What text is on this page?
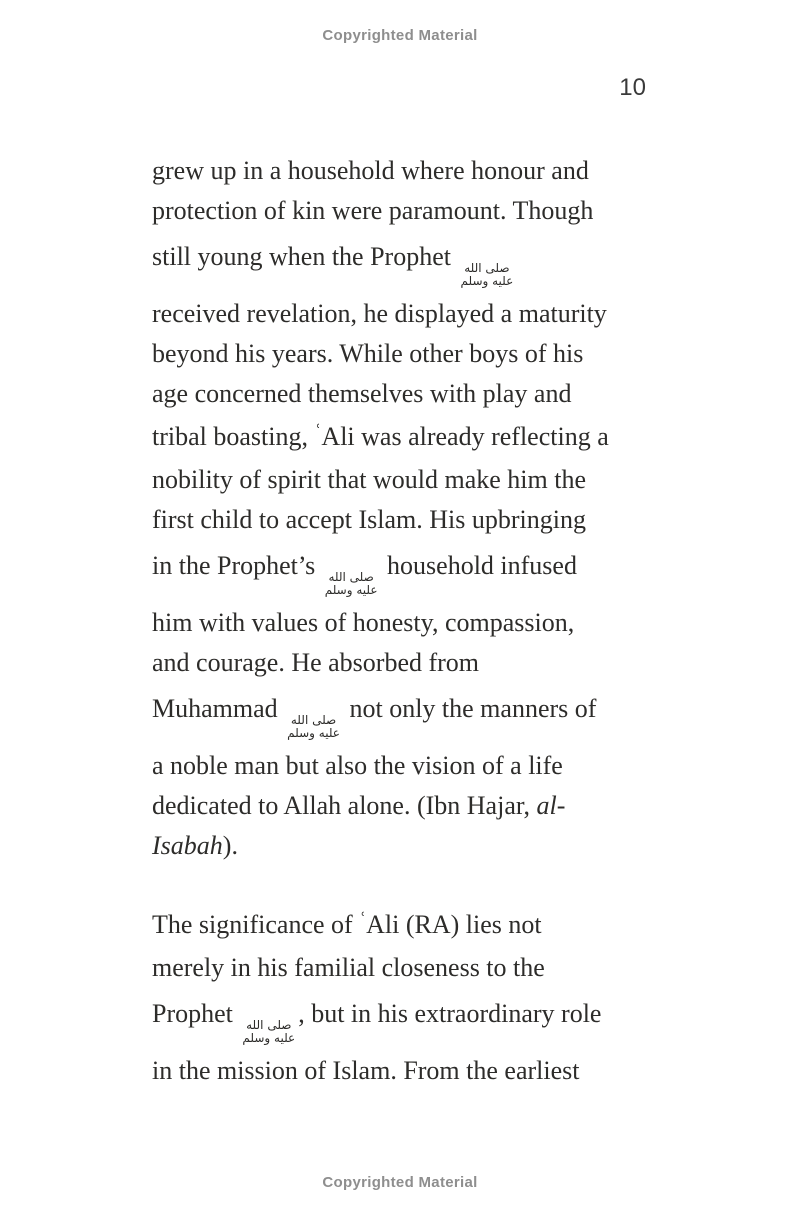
Copyrighted Material
10
grew up in a household where honour and
protection of kin were paramount. Though
still young when the Prophet صلى الله
عليه وسلم
received revelation, he displayed a maturity
beyond his years. While other boys of his
age concerned themselves with play and
tribal boasting, $^ʿ$Ali was already reflecting a
nobility of spirit that would make him the
first child to accept Islam. His upbringing
in the Prophet’s صلى الله
عليه وسلم
household infused
him with values of honesty, compassion,
and courage. He absorbed from
Muhammad صلى الله
عليه وسلم
not only the manners of
a noble man but also the vision of a life
dedicated to Allah alone. (Ibn Hajar, al-
Isabah).
The significance of $^ʿ$Ali (RA) lies not
merely in his familial closeness to the
Prophet صلى الله
عليه وسلم
, but in his extraordinary role
in the mission of Islam. From the earliest
Copyrighted Material
